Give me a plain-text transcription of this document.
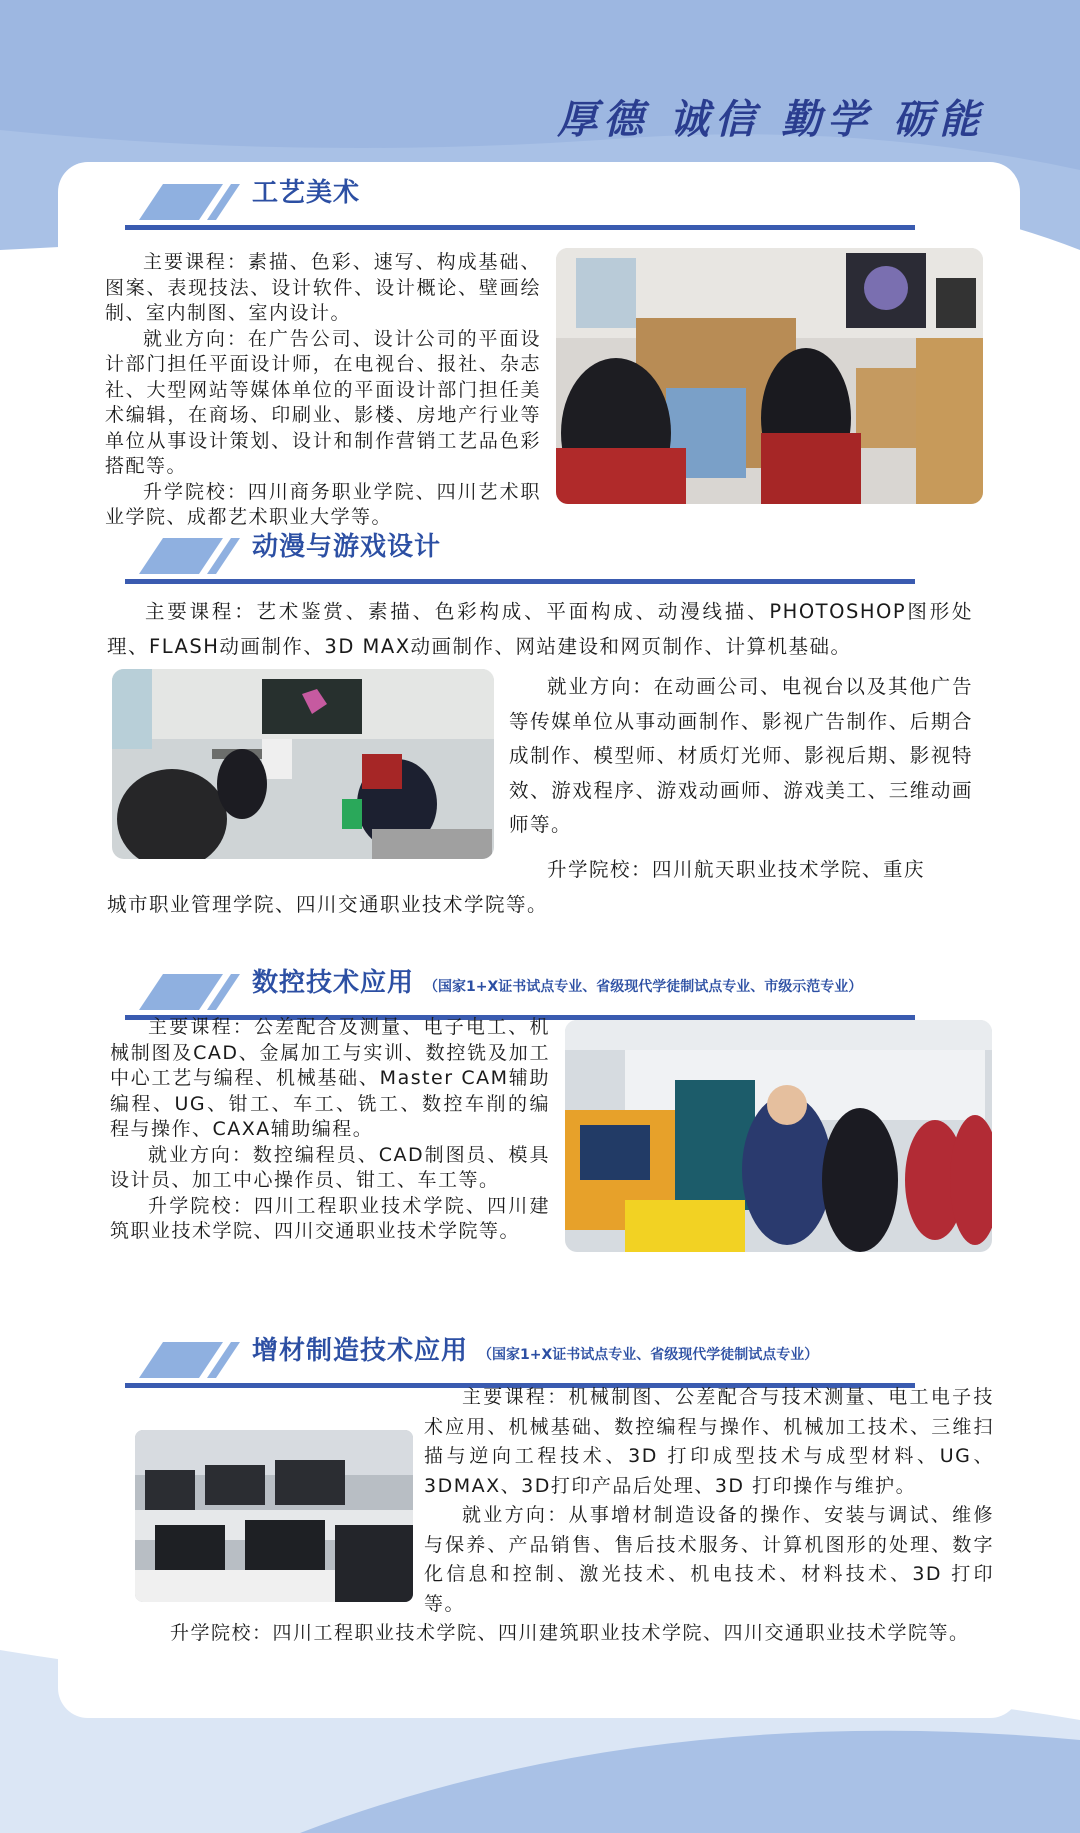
厚德 诚信 勤学 砺能
工艺美术

主要课程：素描、色彩、速写、构成基础、图案、表现技法、设计软件、设计概论、壁画绘制、室内制图、室内设计。

就业方向：在广告公司、设计公司的平面设计部门担任平面设计师，在电视台、报社、杂志社、大型网站等媒体单位的平面设计部门担任美术编辑，在商场、印刷业、影楼、房地产行业等单位从事设计策划、设计和制作营销工艺品色彩搭配等。

升学院校：四川商务职业学院、四川艺术职业学院、成都艺术职业大学等。

动漫与游戏设计

主要课程：艺术鉴赏、素描、色彩构成、平面构成、动漫线描、PHOTOSHOP图形处理、FLASH动画制作、3D MAX动画制作、网站建设和网页制作、计算机基础。

就业方向：在动画公司、电视台以及其他广告等传媒单位从事动画制作、影视广告制作、后期合成制作、模型师、材质灯光师、影视后期、影视特效、游戏程序、游戏动画师、游戏美工、三维动画师等。

升学院校：四川航天职业技术学院、重庆

城市职业管理学院、四川交通职业技术学院等。

数控技术应用 （国家1+X证书试点专业、省级现代学徒制试点专业、市级示范专业）

主要课程：公差配合及测量、电子电工、机械制图及CAD、金属加工与实训、数控铣及加工中心工艺与编程、机械基础、Master CAM辅助编程、UG、钳工、车工、铣工、数控车削的编程与操作、CAXA辅助编程。

就业方向：数控编程员、CAD制图员、模具设计员、加工中心操作员、钳工、车工等。

升学院校：四川工程职业技术学院、四川建筑职业技术学院、四川交通职业技术学院等。

增材制造技术应用 （国家1+X证书试点专业、省级现代学徒制试点专业）

主要课程：机械制图、公差配合与技术测量、电工电子技术应用、机械基础、数控编程与操作、机械加工技术、三维扫描与逆向工程技术、3D 打印成型技术与成型材料、UG、3DMAX、3D打印产品后处理、3D 打印操作与维护。

就业方向：从事增材制造设备的操作、安装与调试、维修与保养、产品销售、售后技术服务、计算机图形的处理、数字化信息和控制、激光技术、机电技术、材料技术、3D 打印等。

升学院校：四川工程职业技术学院、四川建筑职业技术学院、四川交通职业技术学院等。
